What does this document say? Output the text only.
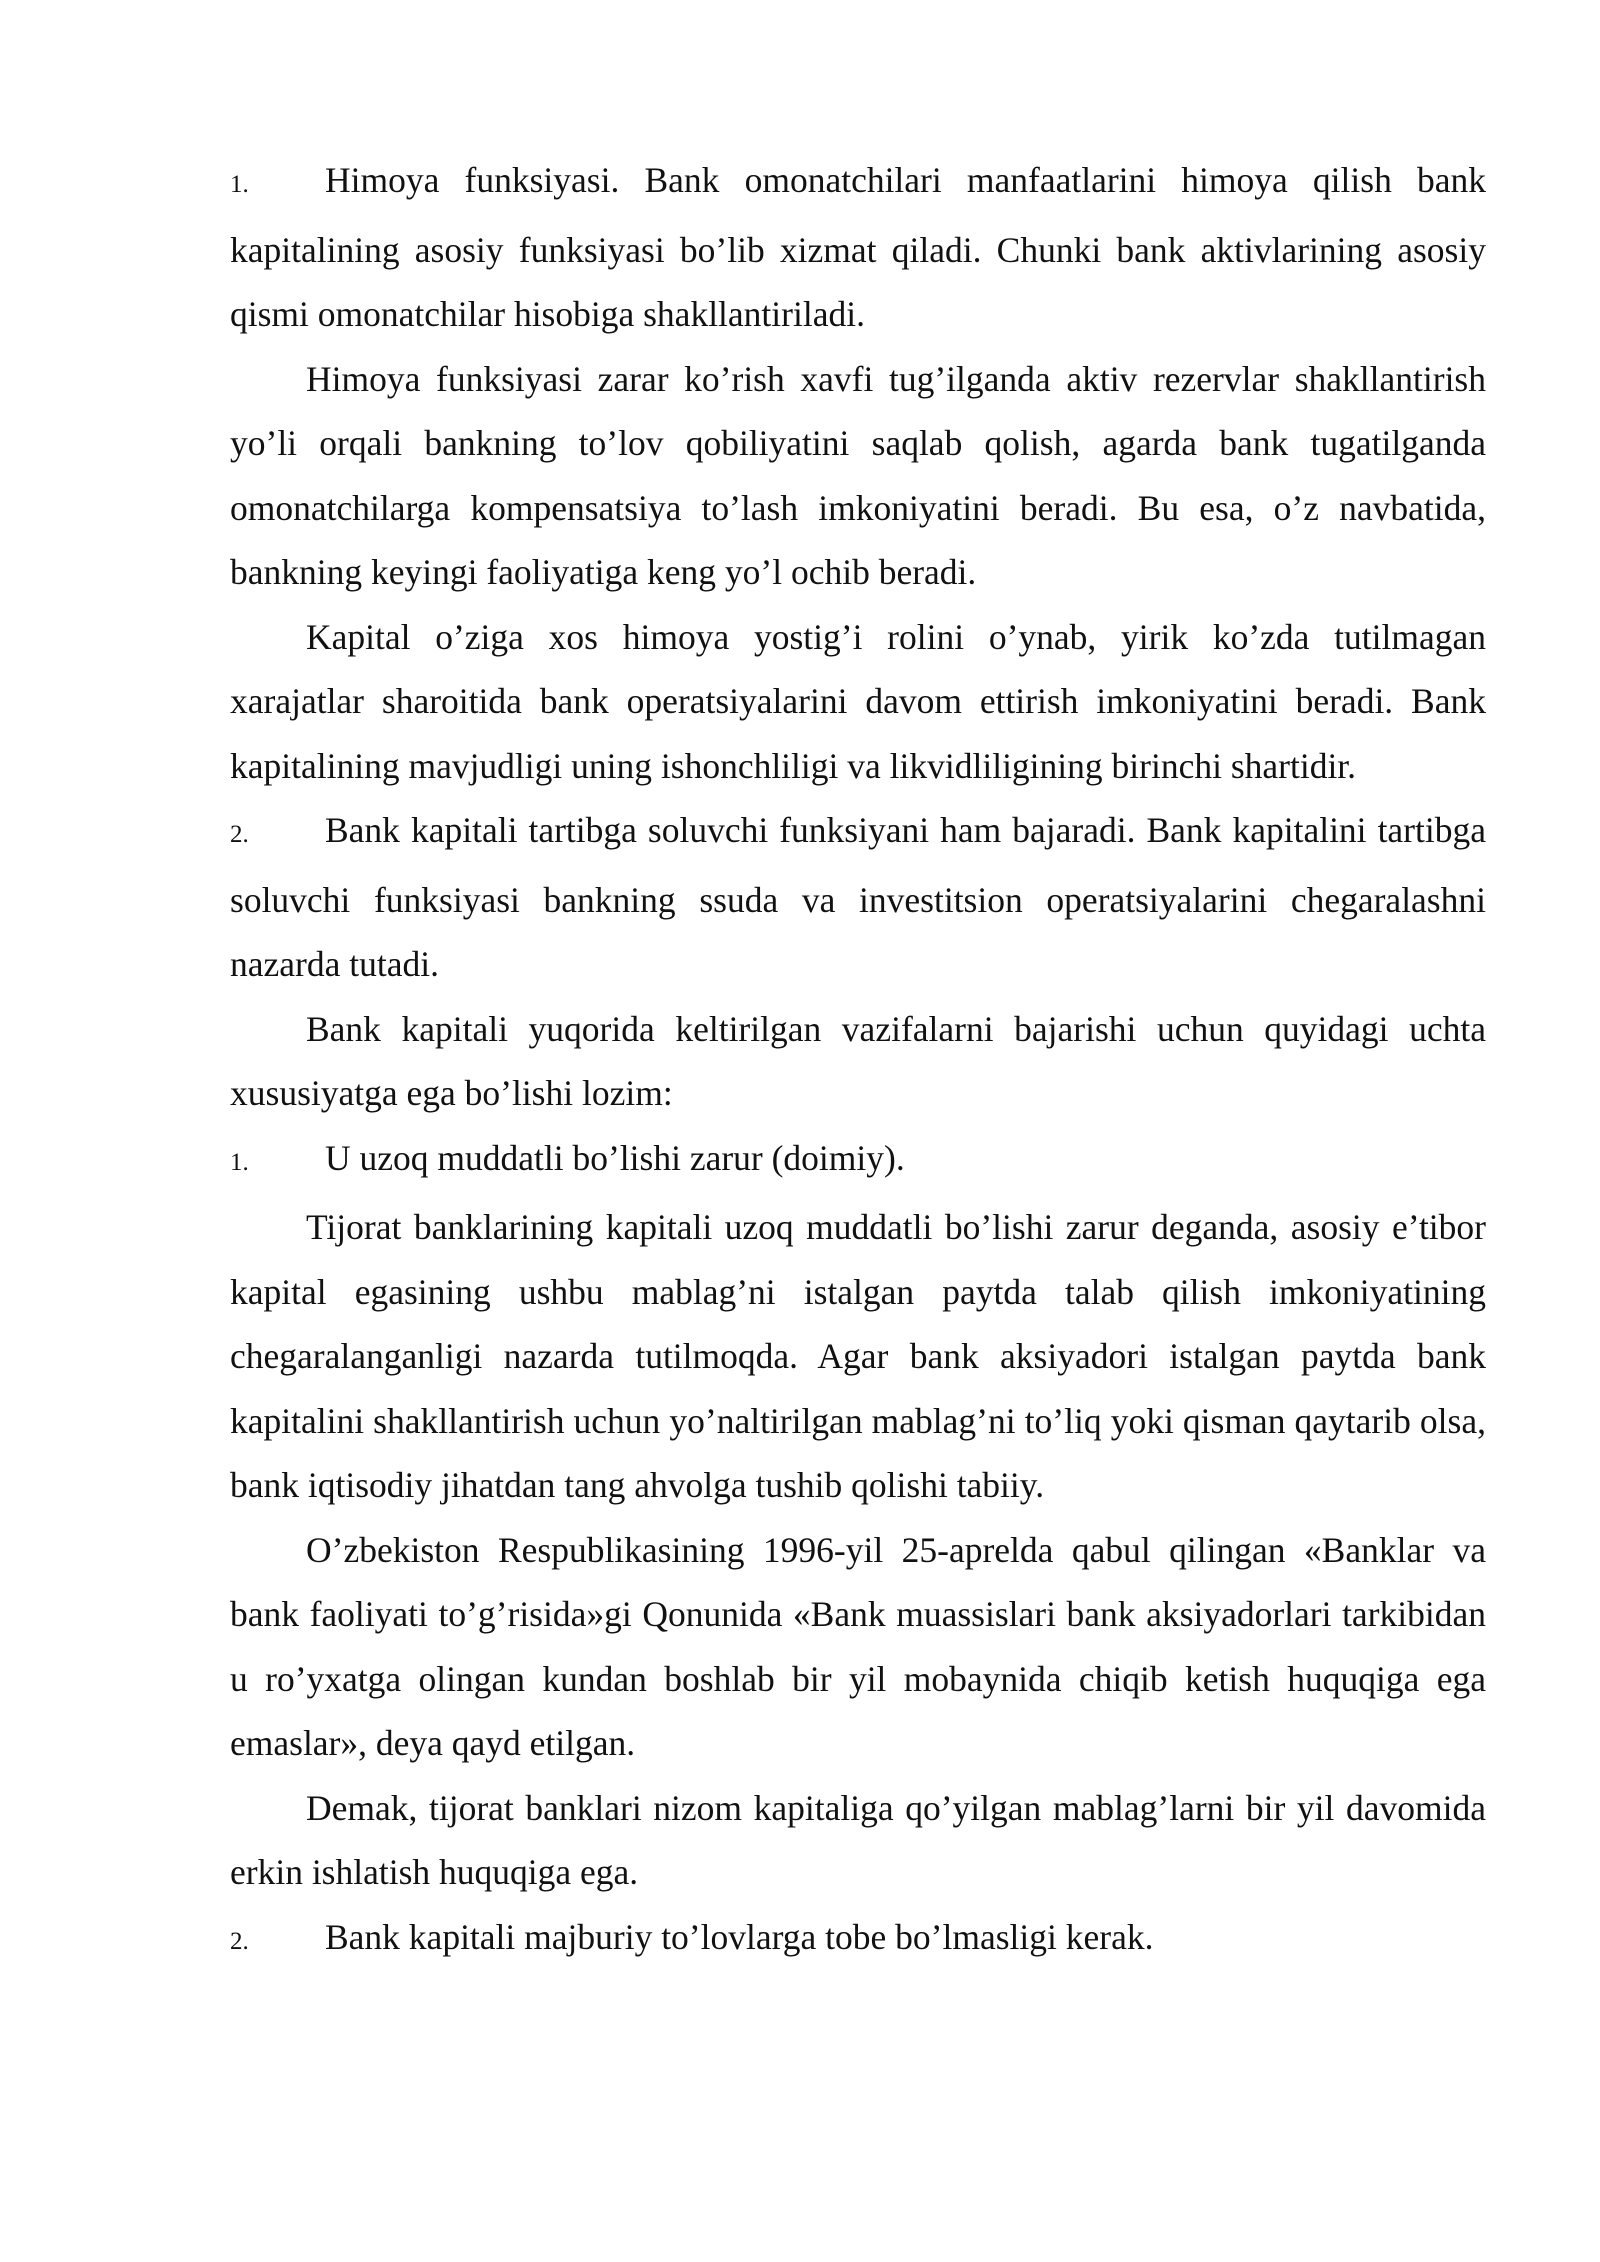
1. Himoya funksiyasi. Bank omonatchilari manfaatlarini himoya qilish bank kapitalining asosiy funksiyasi bo’lib xizmat qiladi. Chunki bank aktivlarining asosiy qismi omonatchilar hisobiga shakllantiriladi.

Himoya funksiyasi zarar ko’rish xavfi tug’ilganda aktiv rezervlar shakllantirish yo’li orqali bankning to’lov qobiliyatini saqlab qolish, agarda bank tugatilganda omonatchilarga kompensatsiya to’lash imkoniyatini beradi. Bu esa, o’z navbatida, bankning keyingi faoliyatiga keng yo’l ochib beradi.

Kapital o’ziga xos himoya yostig’i rolini o’ynab, yirik ko’zda tutilmagan xarajatlar sharoitida bank operatsiyalarini davom ettirish imkoniyatini beradi. Bank kapitalining mavjudligi uning ishonchliligi va likvidliligining birinchi shartidir.

2. Bank kapitali tartibga soluvchi funksiyani ham bajaradi. Bank kapitalini tartibga soluvchi funksiyasi bankning ssuda va investitsion operatsiyalarini chegaralashni nazarda tutadi.

Bank kapitali yuqorida keltirilgan vazifalarni bajarishi uchun quyidagi uchta xususiyatga ega bo’lishi lozim:

1. U uzoq muddatli bo’lishi zarur (doimiy).

Tijorat banklarining kapitali uzoq muddatli bo’lishi zarur deganda, asosiy e’tibor kapital egasining ushbu mablag’ni istalgan paytda talab qilish imkoniyatining chegaralanganligi nazarda tutilmoqda. Agar bank aksiyadori istalgan paytda bank kapitalini shakllantirish uchun yo’naltirilgan mablag’ni to’liq yoki qisman qaytarib olsa, bank iqtisodiy jihatdan tang ahvolga tushib qolishi tabiiy.

O’zbekiston Respublikasining 1996-yil 25-aprelda qabul qilingan «Banklar va bank faoliyati to’g’risida»gi Qonunida «Bank muassislari bank aksiyadorlari tarkibidan u ro’yxatga olingan kundan boshlab bir yil mobaynida chiqib ketish huquqiga ega emaslar», deya qayd etilgan.

Demak, tijorat banklari nizom kapitaliga qo’yilgan mablag’larni bir yil davomida erkin ishlatish huquqiga ega.

2. Bank kapitali majburiy to’lovlarga tobe bo’lmasligi kerak.
